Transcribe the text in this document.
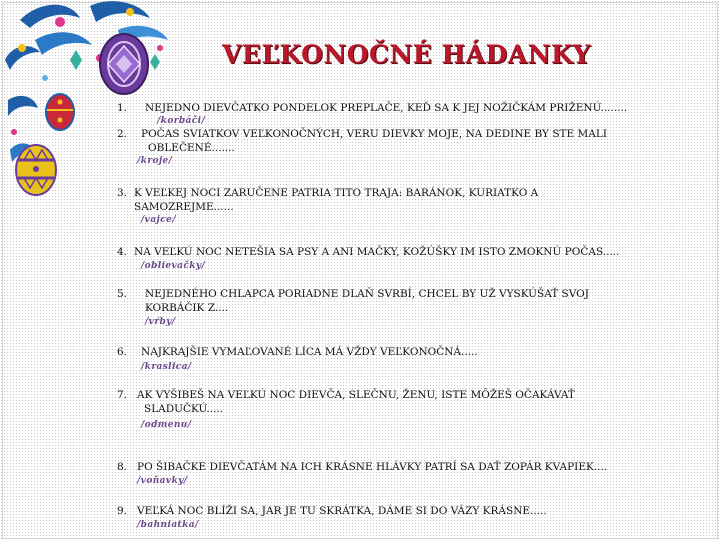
VEĽKONOČNÉ HÁDANKY
1. NEJEDNO DIEVČATKO PONDELOK PREPLAČE, KEĎ SA K JEJ NOŽIČKÁM PRIŽENÚ........
/korbáči/
2. POČAS SVIATKOV VEĽKONOČNÝCH, VERU DIEVKY MOJE, NA DEDINE BY STE MALI
OBLEČENÉ.......
/kroje/
3. K VEĽKEJ NOCI ZARUČENE PATRIA TITO TRAJA: BARÁNOK, KURIATKO A
SAMOZREJME......
/vajce/
4. NA VEĽKÚ NOC NETEŠIA SA PSY A ANI MAČKY, KOŽÚŠKY IM ISTO ZMOKNÚ POČAS.....
/oblievačky/
5. NEJEDNÉHO CHLAPCA PORIADNE DLAŇ SVRBÍ, CHCEL BY UŽ VYSKÚŠAŤ SVOJ
KORBÁČIK Z....
/vŕby/
6. NAJKRAJŠIE VYMAĽOVANÉ LÍCA MÁ VŽDY VEĽKONOČNÁ.....
/kraslica/
7. AK VYŠIBEŠ NA VEĽKÚ NOC DIEVČA, SLEČNU, ŽENU, ISTE MÔŽEŠ OČAKÁVAŤ
SLADUČKÚ.....
/odmenu/
8. PO ŠIBAČKE DIEVČATÁM NA ICH KRÁSNE HLÁVKY PATRÍ SA DAŤ ZOPÁR KVAPIEK....
/voňavky/
9. VEĽKÁ NOC BLÍŽI SA, JAR JE TU SKRÁTKA, DÁME SI DO VÁZY KRÁSNE.....
/bahniatka/
